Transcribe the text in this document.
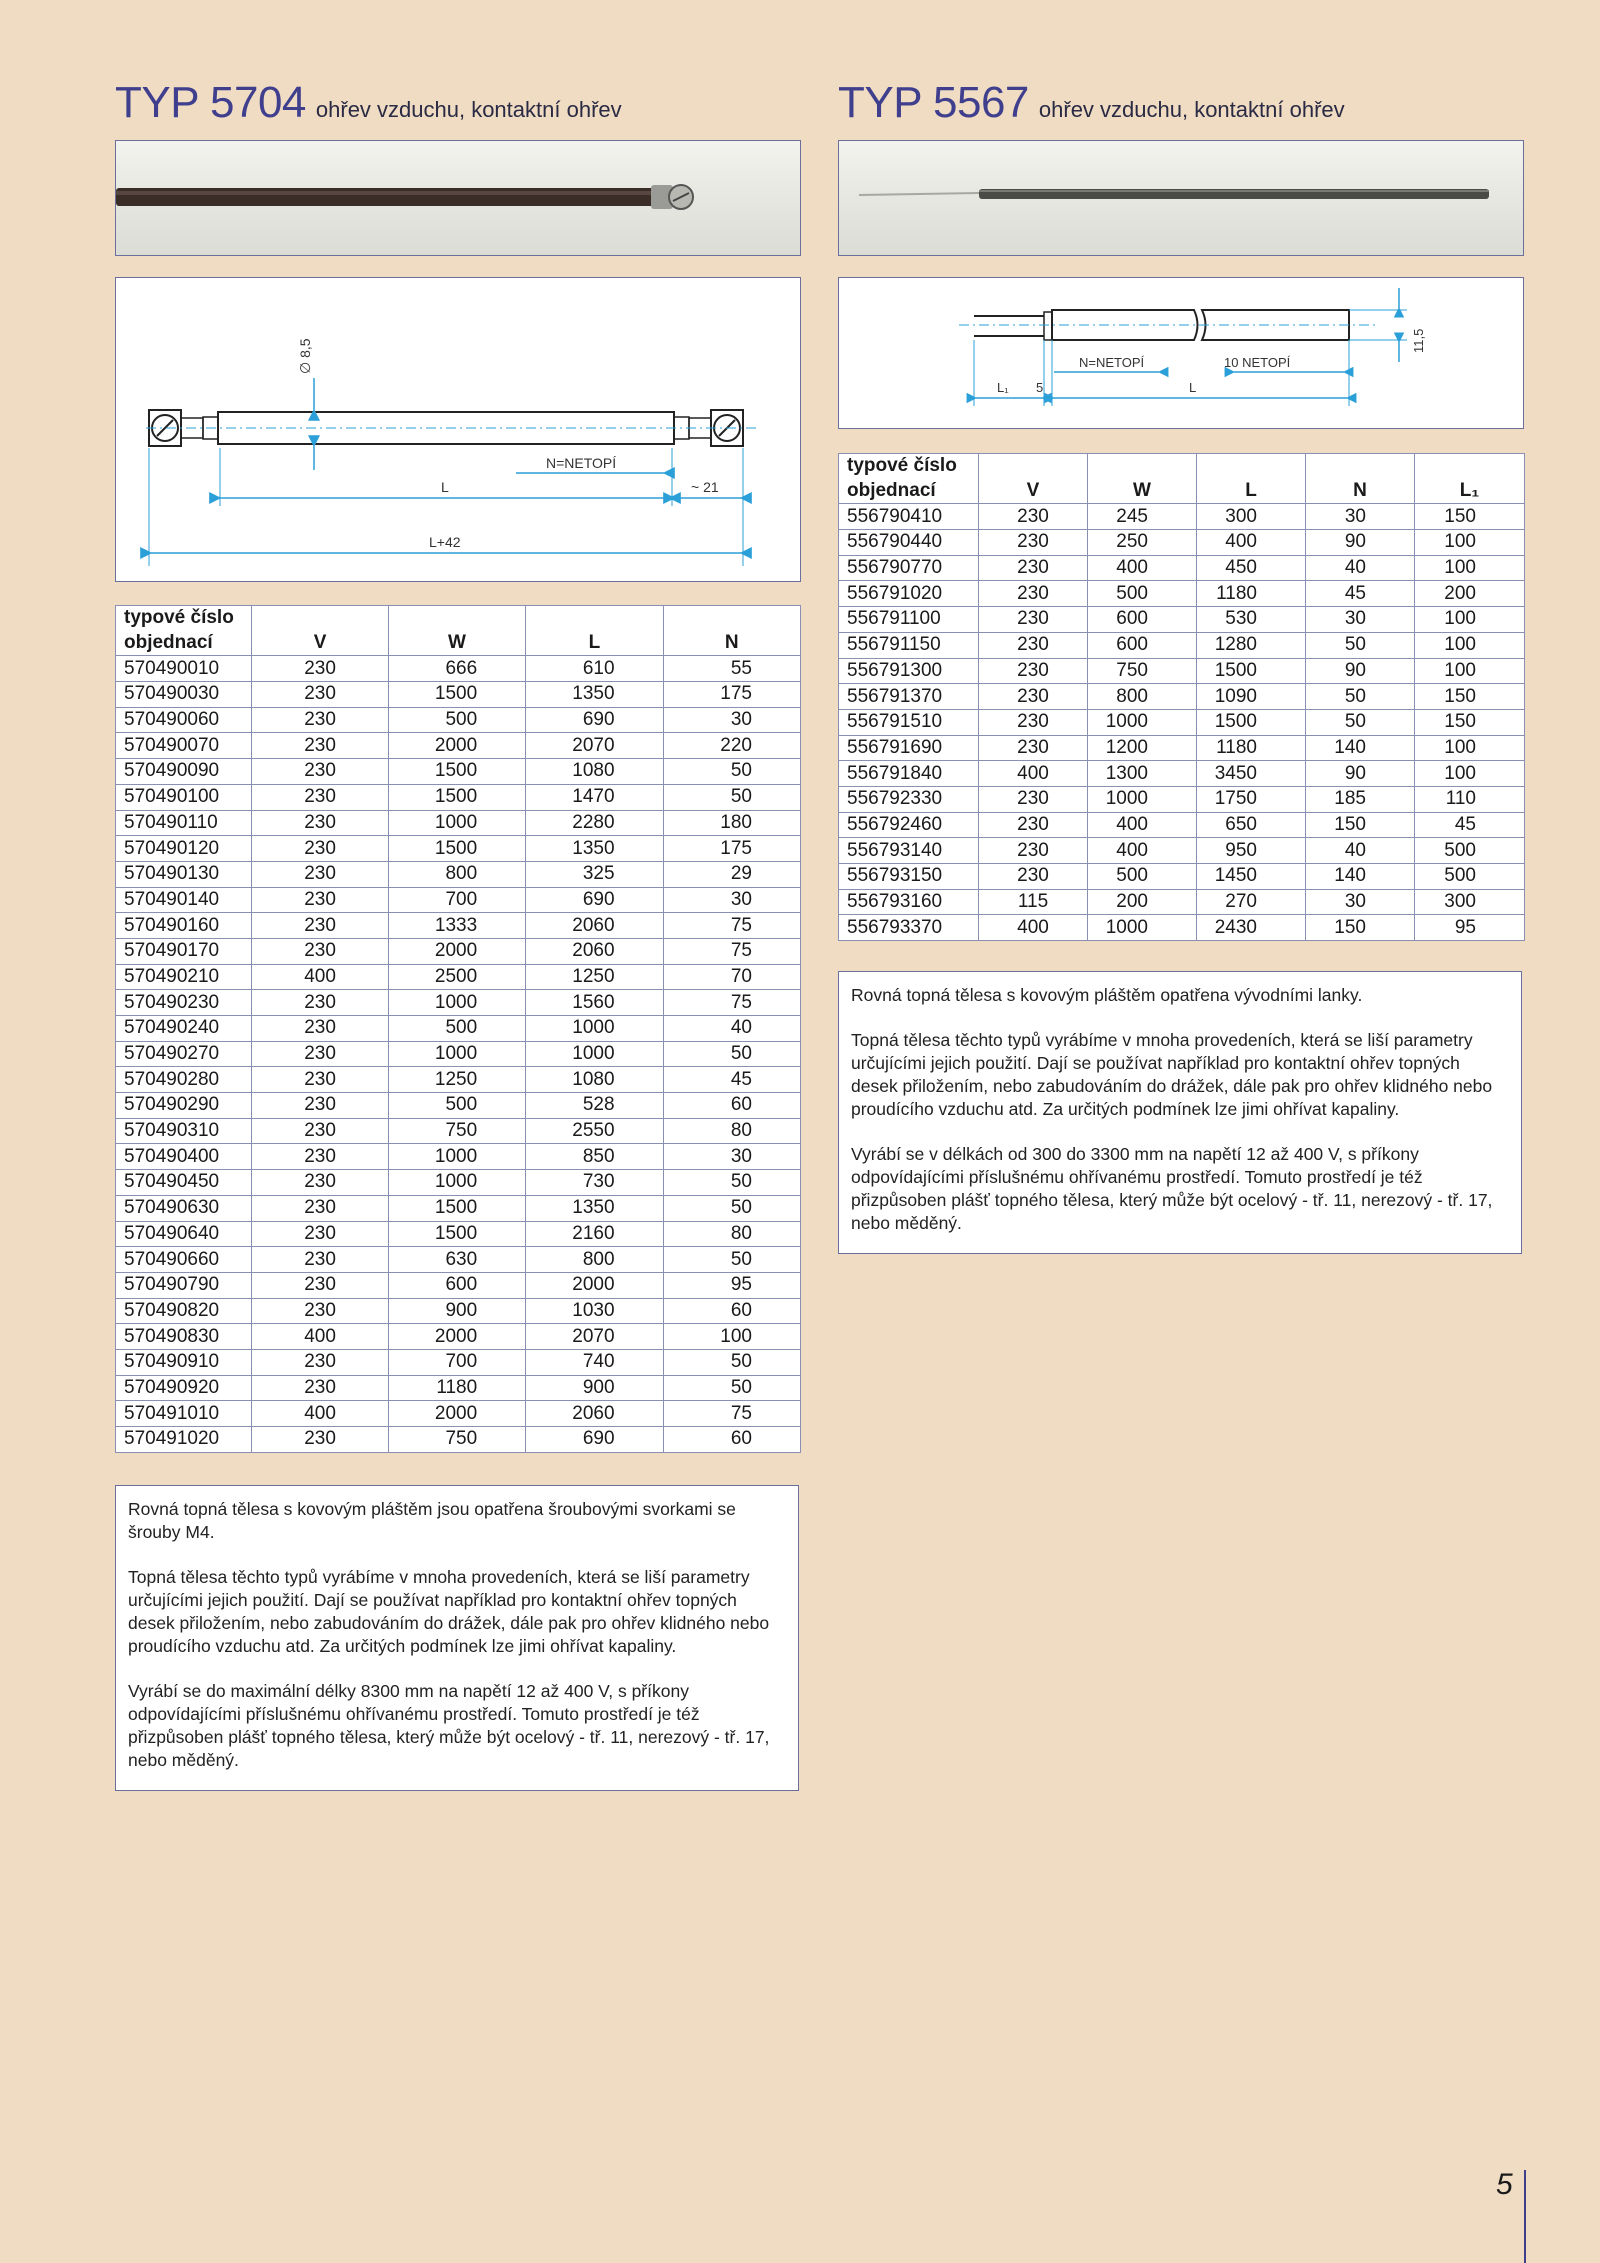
TYP 5704 ohřev vzduchu, kontaktní ohřev
∅ 8,5
N=NETOPÍ
L	~ 21
L+42
typové číslo				
objednací	V	W	L	N
570490010	230	666	610	55
570490030	230	1500	1350	175
570490060	230	500	690	30
570490070	230	2000	2070	220
570490090	230	1500	1080	50
570490100	230	1500	1470	50
570490110	230	1000	2280	180
570490120	230	1500	1350	175
570490130	230	800	325	29
570490140	230	700	690	30
570490160	230	1333	2060	75
570490170	230	2000	2060	75
570490210	400	2500	1250	70
570490230	230	1000	1560	75
570490240	230	500	1000	40
570490270	230	1000	1000	50
570490280	230	1250	1080	45
570490290	230	500	528	60
570490310	230	750	2550	80
570490400	230	1000	850	30
570490450	230	1000	730	50
570490630	230	1500	1350	50
570490640	230	1500	2160	80
570490660	230	630	800	50
570490790	230	600	2000	95
570490820	230	900	1030	60
570490830	400	2000	2070	100
570490910	230	700	740	50
570490920	230	1180	900	50
570491010	400	2000	2060	75
570491020	230	750	690	60

Rovná topná tělesa s kovovým pláštěm jsou opatřena šroubovými svorkami se šrouby M4.

Topná tělesa těchto typů vyrábíme v mnoha provedeních, která se liší parametry určujícími jejich použití. Dají se používat například pro kontaktní ohřev topných desek přiložením, nebo zabudováním do drážek, dále pak pro ohřev klidného nebo proudícího vzduchu atd. Za určitých podmínek lze jimi ohřívat kapaliny.

Vyrábí se do maximální délky 8300 mm na napětí 12 až 400 V, s příkony odpovídajícími příslušnému ohřívanému prostředí. Tomuto prostředí je též přizpůsoben plášť topného tělesa, který může být ocelový - tř. 11, nerezový - tř. 17, nebo měděný.

TYP 5567 ohřev vzduchu, kontaktní ohřev
11,5
N=NETOPÍ	10 NETOPÍ
L₁ 5	L
typové číslo					
objednací	V	W	L	N	L₁
556790410	230	245	300	30	150
556790440	230	250	400	90	100
556790770	230	400	450	40	100
556791020	230	500	1180	45	200
556791100	230	600	530	30	100
556791150	230	600	1280	50	100
556791300	230	750	1500	90	100
556791370	230	800	1090	50	150
556791510	230	1000	1500	50	150
556791690	230	1200	1180	140	100
556791840	400	1300	3450	90	100
556792330	230	1000	1750	185	110
556792460	230	400	650	150	45
556793140	230	400	950	40	500
556793150	230	500	1450	140	500
556793160	115	200	270	30	300
556793370	400	1000	2430	150	95

Rovná topná tělesa s kovovým pláštěm opatřena vývodními lanky.

Topná tělesa těchto typů vyrábíme v mnoha provedeních, která se liší parametry určujícími jejich použití. Dají se používat například pro kontaktní ohřev topných desek přiložením, nebo zabudováním do drážek, dále pak pro ohřev klidného nebo proudícího vzduchu atd. Za určitých podmínek lze jimi ohřívat kapaliny.

Vyrábí se v délkách od 300 do 3300 mm na napětí 12 až 400 V, s příkony odpovídajícími příslušnému ohřívanému prostředí. Tomuto prostředí je též přizpůsoben plášť topného tělesa, který může být ocelový - tř. 11, nerezový - tř. 17, nebo měděný.

5
